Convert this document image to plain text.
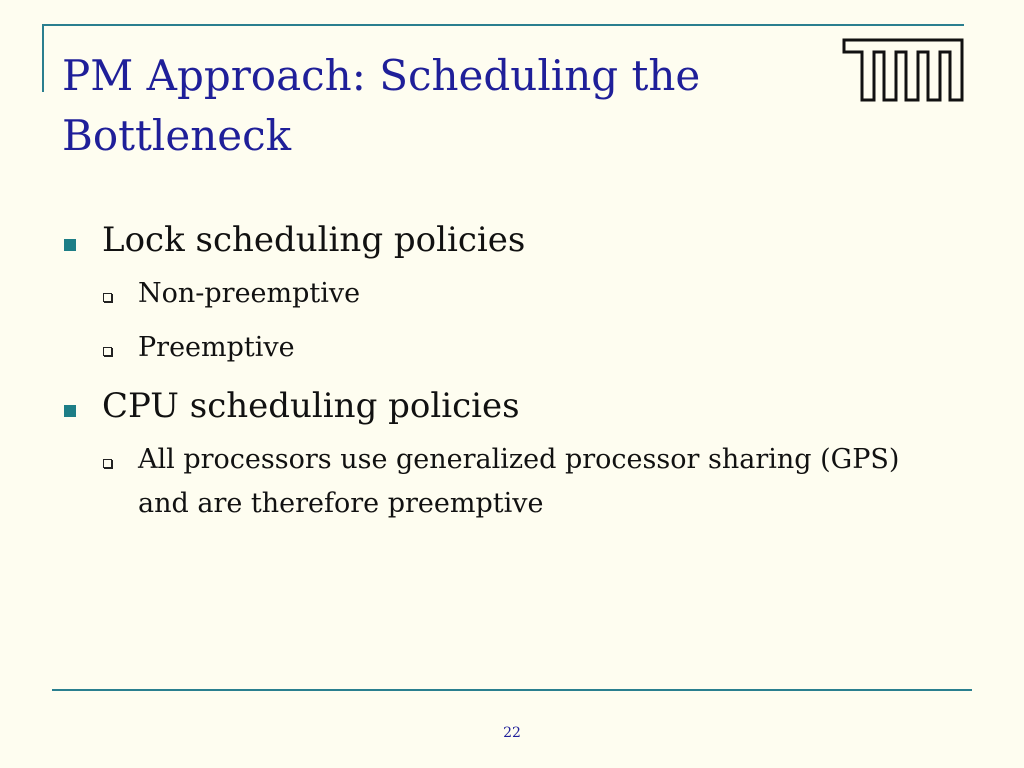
PM Approach: Scheduling the Bottleneck
Lock scheduling policies
Non-preemptive
Preemptive
CPU scheduling policies
All processors use generalized processor sharing (GPS) and are therefore preemptive
22
